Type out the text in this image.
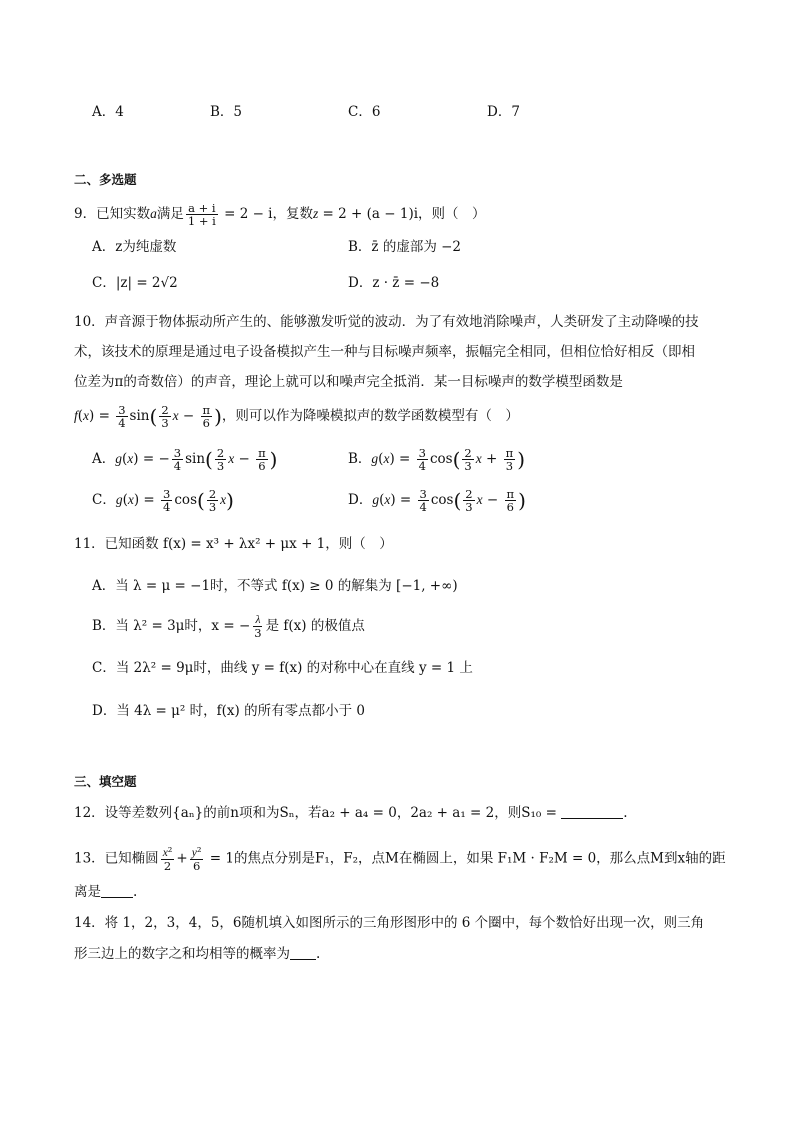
A．4	B．5	C．6	D．7
二、多选题
9．已知实数a满足 $\frac{a + i}{1 + i} = 2 - i$，复数z = 2 + (a − 1)i，则（　）
A．z为纯虚数	B．z̄ 的虚部为 −2
C．|z| = 2√2	D．z · z̄ = −8
10．声音源于物体振动所产生的、能够激发听觉的波动．为了有效地消除噪声，人类研发了主动降噪的技
术，该技术的原理是通过电子设备模拟产生一种与目标噪声频率，振幅完全相同，但相位恰好相反（即相
位差为π的奇数倍）的声音，理论上就可以和噪声完全抵消．某一目标噪声的数学模型函数是
$f(x) = \frac{3}{4} \sin( \frac{2}{3}$ $x - \frac{\pi}{6}$ )，则可以作为降噪模拟声的数学函数模型有（　）
A．g(x) = − $\frac{3}{4} \sin( \frac{2}{3}$ $x - \frac{\pi}{6}$ )	B．$g(x) = \frac{3}{4} \cos( \frac{2}{3}$ $x + \frac{\pi}{3}$ )
C．$g(x) = \frac{3}{4} \cos( \frac{2}{3} x)$	D．$g(x) = \frac{3}{4} \cos( \frac{2}{3}$ $x - \frac{\pi}{6}$ )
11．已知函数 f(x) = x³ + λx² + μx + 1，则（　）
A．当 λ = μ = −1时，不等式 f(x) ≥ 0 的解集为 [−1, +∞)
B．当 λ² = 3μ时，x = − $\frac{\lambda}{3}$ 是 f(x) 的极值点
C．当 2λ² = 9μ时，曲线 y = f(x) 的对称中心在直线 y = 1 上
D．当 4λ = μ² 时，f(x) 的所有零点都小于 0
三、填空题
12．设等差数列{aₙ}的前n项和为Sₙ，若a₂ + a₄ = 0，2a₂ + a₁ = 2，则S₁₀ =	.
13．已知椭圆 $\frac{\text{x²}}{2} + \frac{\text{y²}}{6} = 1$的焦点分别是F₁，F₂，点M在椭圆上，如果 F₁M · F₂M = 0，那么点M到x轴的距
离是 .
14．将 1，2，3，4，5，6随机填入如图所示的三角形图形中的 6 个圈中，每个数恰好出现一次，则三角
形三边上的数字之和均相等的概率为 .
